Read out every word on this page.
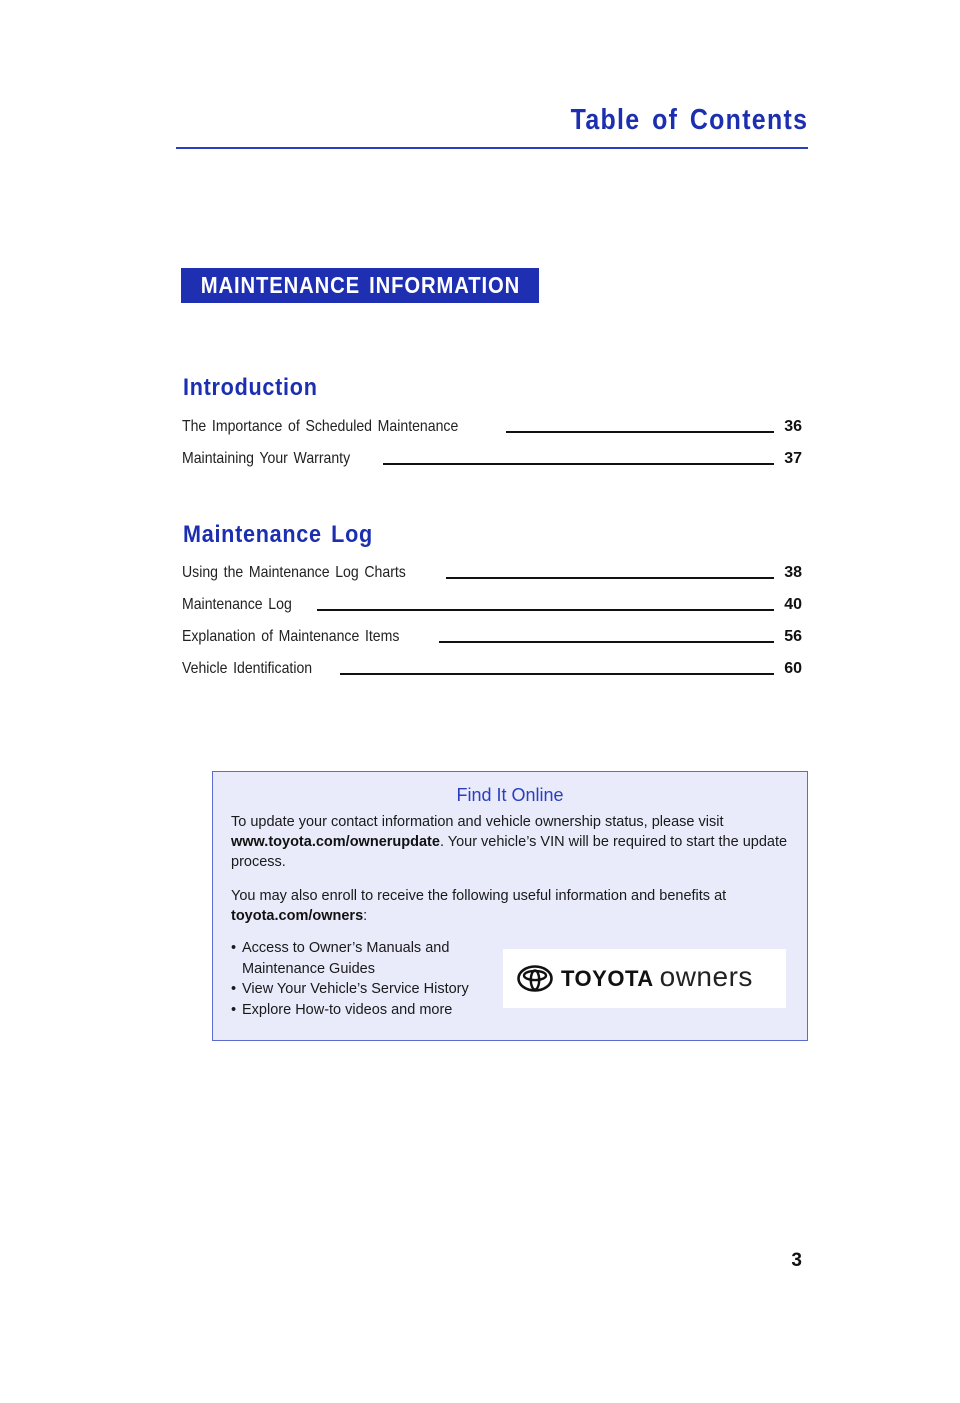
Table of Contents
MAINTENANCE INFORMATION
Introduction
The Importance of Scheduled Maintenance	36
Maintaining Your Warranty	37
Maintenance Log
Using the Maintenance Log Charts	38
Maintenance Log	40
Explanation of Maintenance Items	56
Vehicle Identification	60
Find It Online
To update your contact information and vehicle ownership status, please visit www.toyota.com/ownerupdate. Your vehicle’s VIN will be required to start the update process.
You may also enroll to receive the following useful information and benefits at toyota.com/owners:
• Access to Owner’s Manuals and Maintenance Guides
• View Your Vehicle’s Service History
• Explore How-to videos and more
TOYOTA owners
3
